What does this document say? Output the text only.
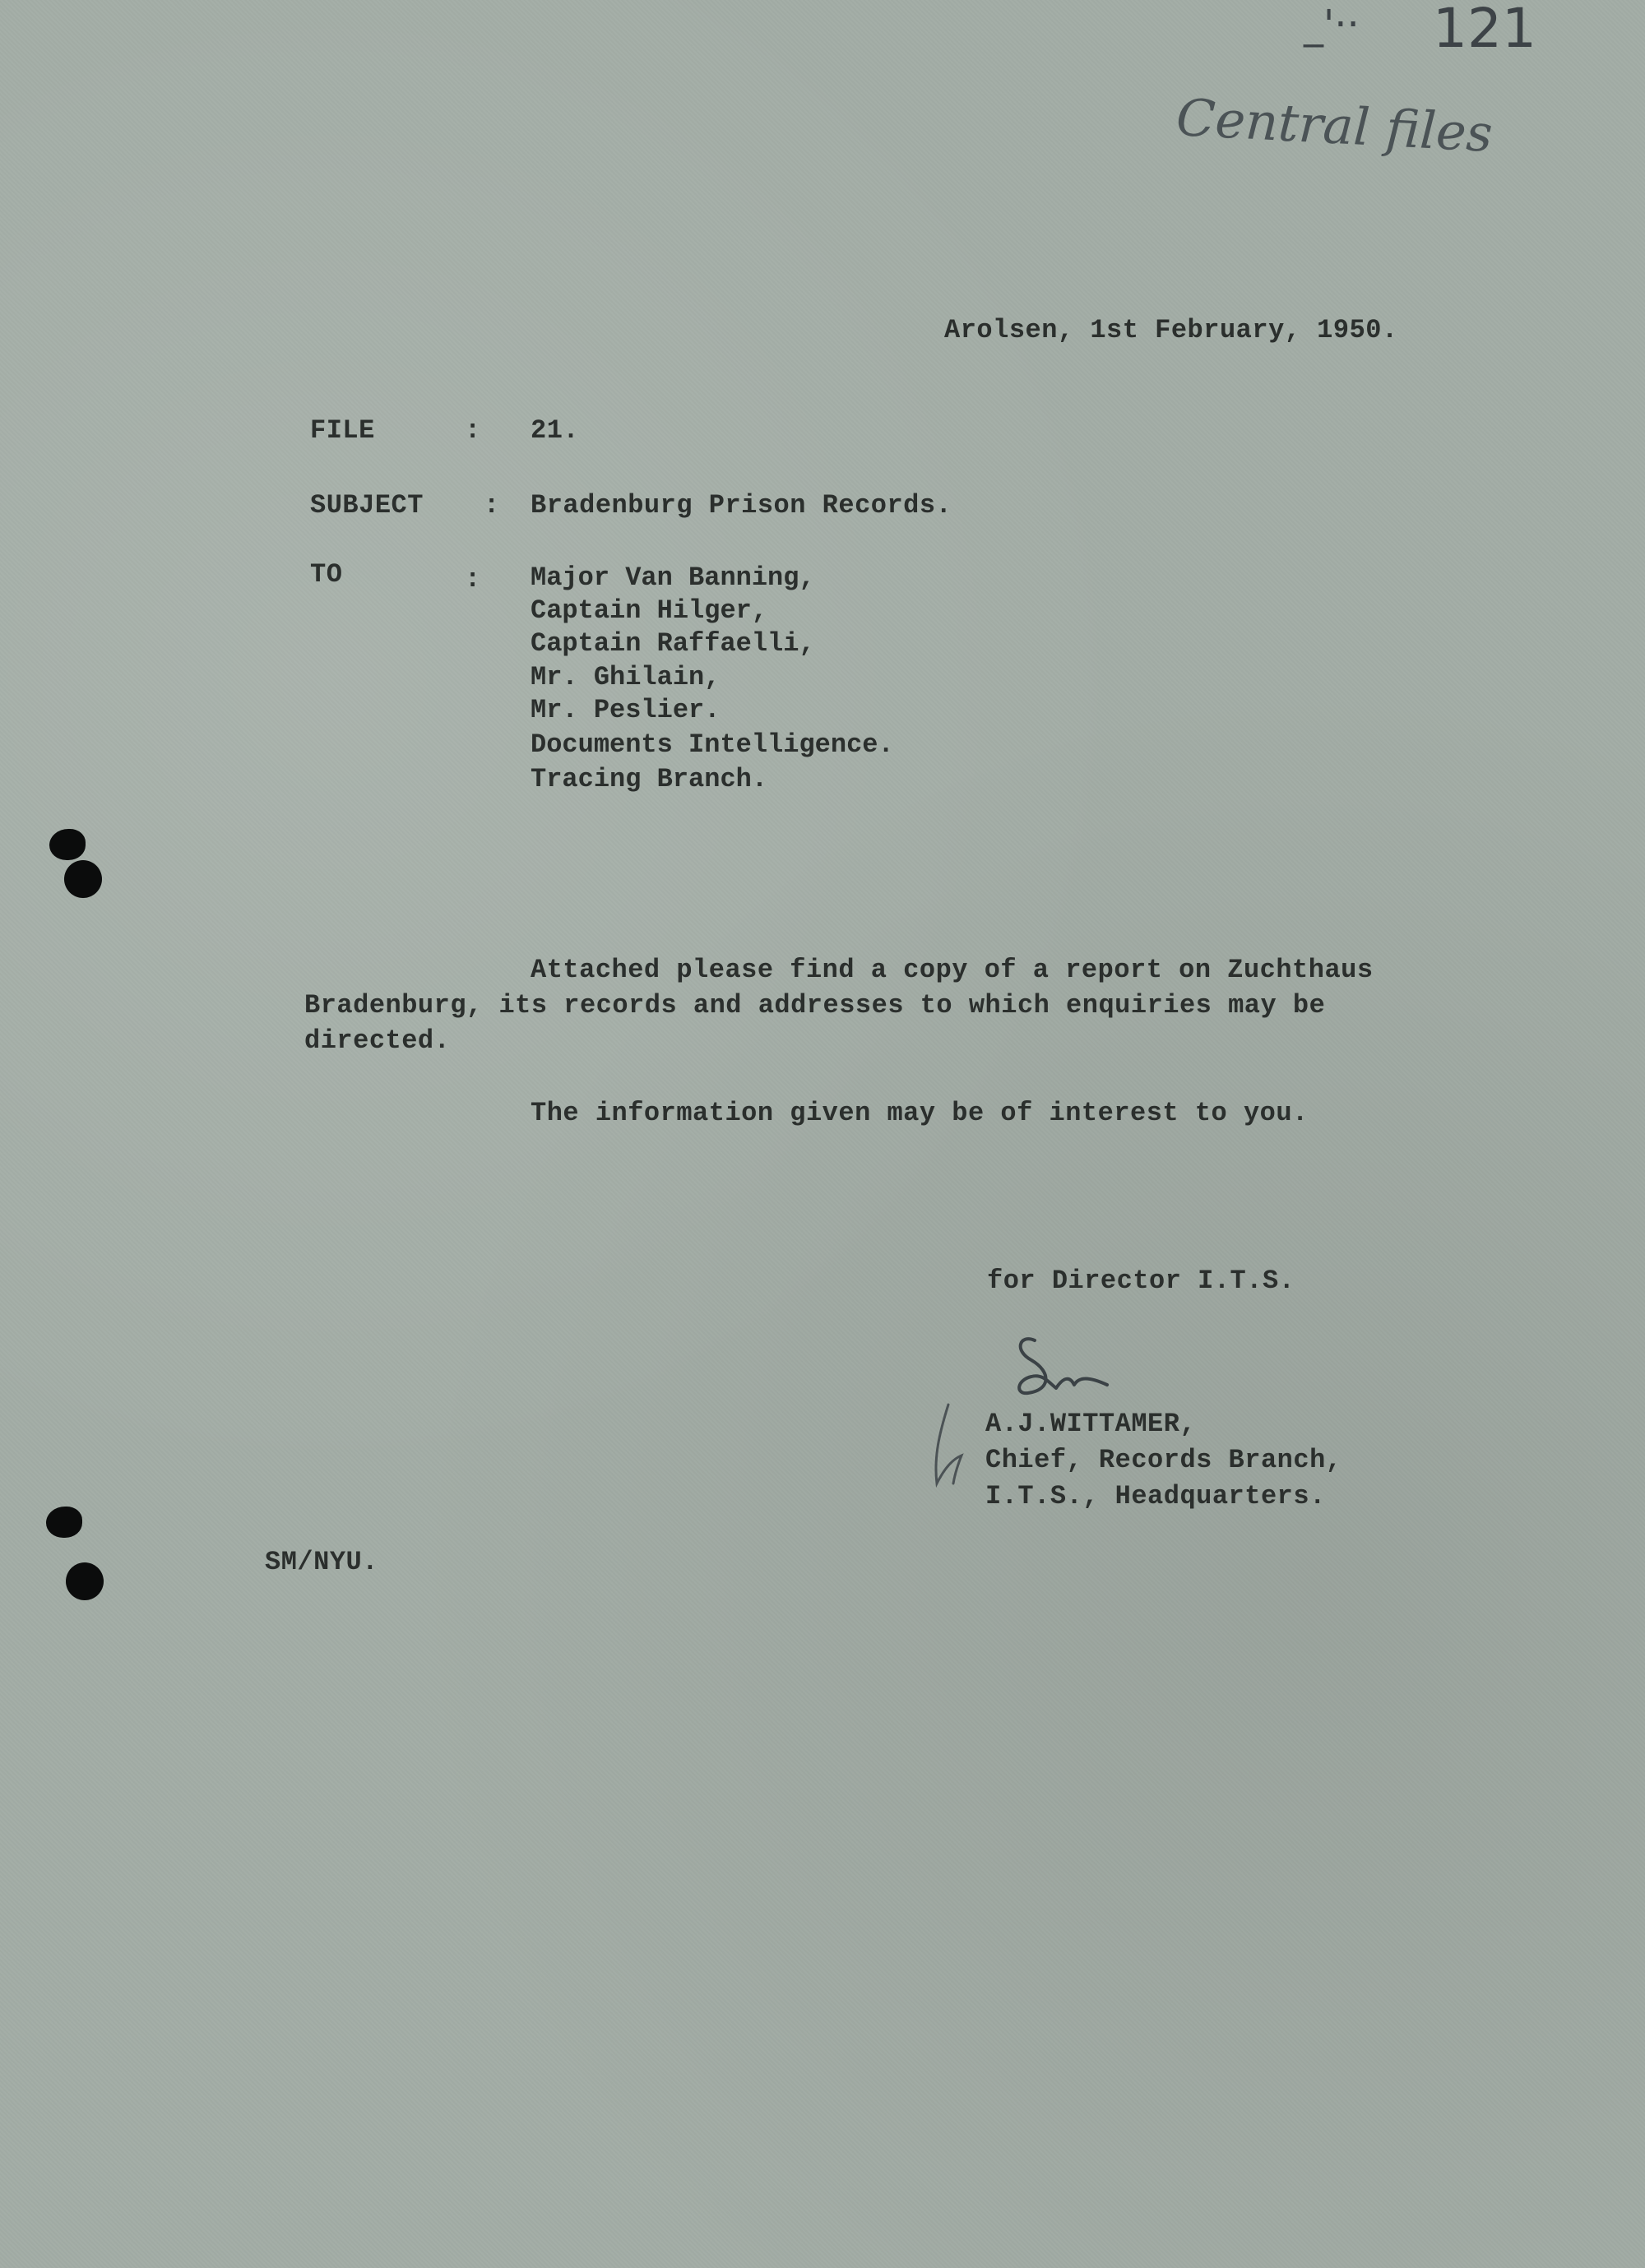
_'·· 121
Central files
Arolsen, 1st February, 1950.
FILE	: 21.
SUBJECT : Bradenburg Prison Records.
TO	: Major Van Banning,
Captain Hilger,
Captain Raffaelli,
Mr. Ghilain,
Mr. Peslier.
Documents Intelligence.
Tracing Branch.
Attached please find a copy of a report on Zuchthaus
Bradenburg, its records and addresses to which enquiries may be
directed.
The information given may be of interest to you.
for Director I.T.S.
A.J.WITTAMER,
Chief, Records Branch,
I.T.S., Headquarters.
SM/NYU.
